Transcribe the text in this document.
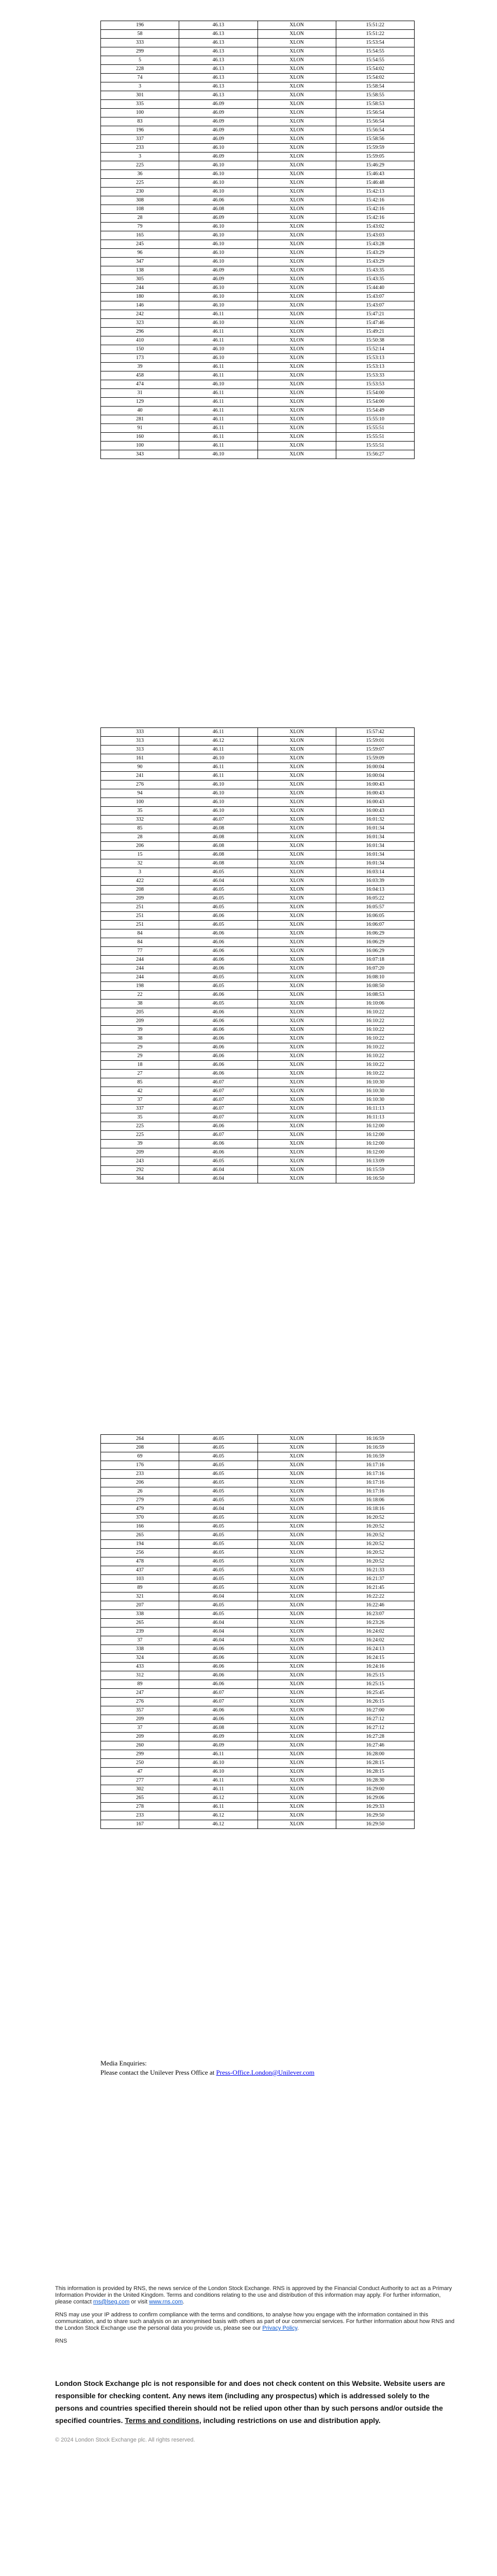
196	46.13	XLON	15:51:22
58	46.13	XLON	15:51:22
333	46.13	XLON	15:53:54
299	46.13	XLON	15:54:55
5	46.13	XLON	15:54:55
228	46.13	XLON	15:54:02
74	46.13	XLON	15:54:02
3	46.13	XLON	15:58:54
301	46.13	XLON	15:58:55
335	46.09	XLON	15:58:53
100	46.09	XLON	15:56:54
83	46.09	XLON	15:56:54
196	46.09	XLON	15:56:54
337	46.09	XLON	15:58:56
233	46.10	XLON	15:59:59
3	46.09	XLON	15:59:05
225	46.10	XLON	15:46:29
36	46.10	XLON	15:46:43
225	46.10	XLON	15:46:48
230	46.10	XLON	15:42:13
308	46.06	XLON	15:42:16
108	46.08	XLON	15:42:16
28	46.09	XLON	15:42:16
79	46.10	XLON	15:43:02
165	46.10	XLON	15:43:03
245	46.10	XLON	15:43:28
96	46.10	XLON	15:43:29
347	46.10	XLON	15:43:29
138	46.09	XLON	15:43:35
305	46.09	XLON	15:43:35
244	46.10	XLON	15:44:40
180	46.10	XLON	15:43:07
146	46.10	XLON	15:43:07
242	46.11	XLON	15:47:21
323	46.10	XLON	15:47:46
296	46.11	XLON	15:49:21
410	46.11	XLON	15:50:38
150	46.10	XLON	15:52:14
173	46.10	XLON	15:53:13
39	46.11	XLON	15:53:13
458	46.11	XLON	15:53:33
474	46.10	XLON	15:53:53
31	46.11	XLON	15:54:00
129	46.11	XLON	15:54:00
40	46.11	XLON	15:54:49
281	46.11	XLON	15:55:10
91	46.11	XLON	15:55:51
160	46.11	XLON	15:55:51
100	46.11	XLON	15:55:51
343	46.10	XLON	15:56:27
333	46.11	XLON	15:57:42
313	46.12	XLON	15:59:01
313	46.11	XLON	15:59:07
161	46.10	XLON	15:59:09
90	46.11	XLON	16:00:04
241	46.11	XLON	16:00:04
276	46.10	XLON	16:00:43
94	46.10	XLON	16:00:43
100	46.10	XLON	16:00:43
35	46.10	XLON	16:00:43
332	46.07	XLON	16:01:32
85	46.08	XLON	16:01:34
28	46.08	XLON	16:01:34
206	46.08	XLON	16:01:34
15	46.08	XLON	16:01:34
32	46.08	XLON	16:01:34
3	46.05	XLON	16:03:14
422	46.04	XLON	16:03:39
208	46.05	XLON	16:04:13
209	46.05	XLON	16:05:22
251	46.05	XLON	16:05:57
251	46.06	XLON	16:06:05
251	46.05	XLON	16:06:07
84	46.06	XLON	16:06:29
84	46.06	XLON	16:06:29
77	46.06	XLON	16:06:29
244	46.06	XLON	16:07:18
244	46.06	XLON	16:07:20
244	46.05	XLON	16:08:10
198	46.05	XLON	16:08:50
22	46.06	XLON	16:08:53
38	46.05	XLON	16:10:06
205	46.06	XLON	16:10:22
209	46.06	XLON	16:10:22
39	46.06	XLON	16:10:22
38	46.06	XLON	16:10:22
29	46.06	XLON	16:10:22
29	46.06	XLON	16:10:22
18	46.06	XLON	16:10:22
27	46.06	XLON	16:10:22
85	46.07	XLON	16:10:30
42	46.07	XLON	16:10:30
37	46.07	XLON	16:10:30
337	46.07	XLON	16:11:13
35	46.07	XLON	16:11:13
225	46.06	XLON	16:12:00
225	46.07	XLON	16:12:00
39	46.06	XLON	16:12:00
209	46.06	XLON	16:12:00
243	46.05	XLON	16:13:09
292	46.04	XLON	16:15:59
364	46.04	XLON	16:16:50
264	46.05	XLON	16:16:59
208	46.05	XLON	16:16:59
69	46.05	XLON	16:16:59
176	46.05	XLON	16:17:16
233	46.05	XLON	16:17:16
206	46.05	XLON	16:17:16
26	46.05	XLON	16:17:16
279	46.05	XLON	16:18:06
479	46.04	XLON	16:18:16
370	46.05	XLON	16:20:52
166	46.05	XLON	16:20:52
265	46.05	XLON	16:20:52
194	46.05	XLON	16:20:52
256	46.05	XLON	16:20:52
478	46.05	XLON	16:20:52
437	46.05	XLON	16:21:33
103	46.05	XLON	16:21:37
89	46.05	XLON	16:21:45
321	46.04	XLON	16:22:22
207	46.05	XLON	16:22:46
338	46.05	XLON	16:23:07
265	46.04	XLON	16:23:26
239	46.04	XLON	16:24:02
37	46.04	XLON	16:24:02
338	46.06	XLON	16:24:13
324	46.06	XLON	16:24:15
433	46.06	XLON	16:24:16
312	46.06	XLON	16:25:15
89	46.06	XLON	16:25:15
247	46.07	XLON	16:25:45
276	46.07	XLON	16:26:15
357	46.06	XLON	16:27:00
209	46.06	XLON	16:27:12
37	46.08	XLON	16:27:12
209	46.09	XLON	16:27:28
260	46.09	XLON	16:27:46
299	46.11	XLON	16:28:00
250	46.10	XLON	16:28:15
47	46.10	XLON	16:28:15
277	46.11	XLON	16:28:30
302	46.11	XLON	16:29:00
265	46.12	XLON	16:29:06
278	46.11	XLON	16:29:33
233	46.12	XLON	16:29:50
167	46.12	XLON	16:29:50
Media Enquiries:
Please contact the Unilever Press Office at Press-Office.London@Unilever.com

This information is provided by RNS, the news service of the London Stock Exchange. RNS is approved by the Financial Conduct Authority to act as a Primary Information Provider in the United Kingdom. Terms and conditions relating to the use and distribution of this information may apply. For further information, please contact rns@lseg.com or visit www.rns.com.

RNS may use your IP address to confirm compliance with the terms and conditions, to analyse how you engage with the information contained in this communication, and to share such analysis on an anonymised basis with others as part of our commercial services. For further information about how RNS and the London Stock Exchange use the personal data you provide us, please see our Privacy Policy.

RNS

London Stock Exchange plc is not responsible for and does not check content on this Website. Website users are responsible for checking content. Any news item (including any prospectus) which is addressed solely to the persons and countries specified therein should not be relied upon other than by such persons and/or outside the specified countries. Terms and conditions, including restrictions on use and distribution apply.
© 2024 London Stock Exchange plc. All rights reserved.
